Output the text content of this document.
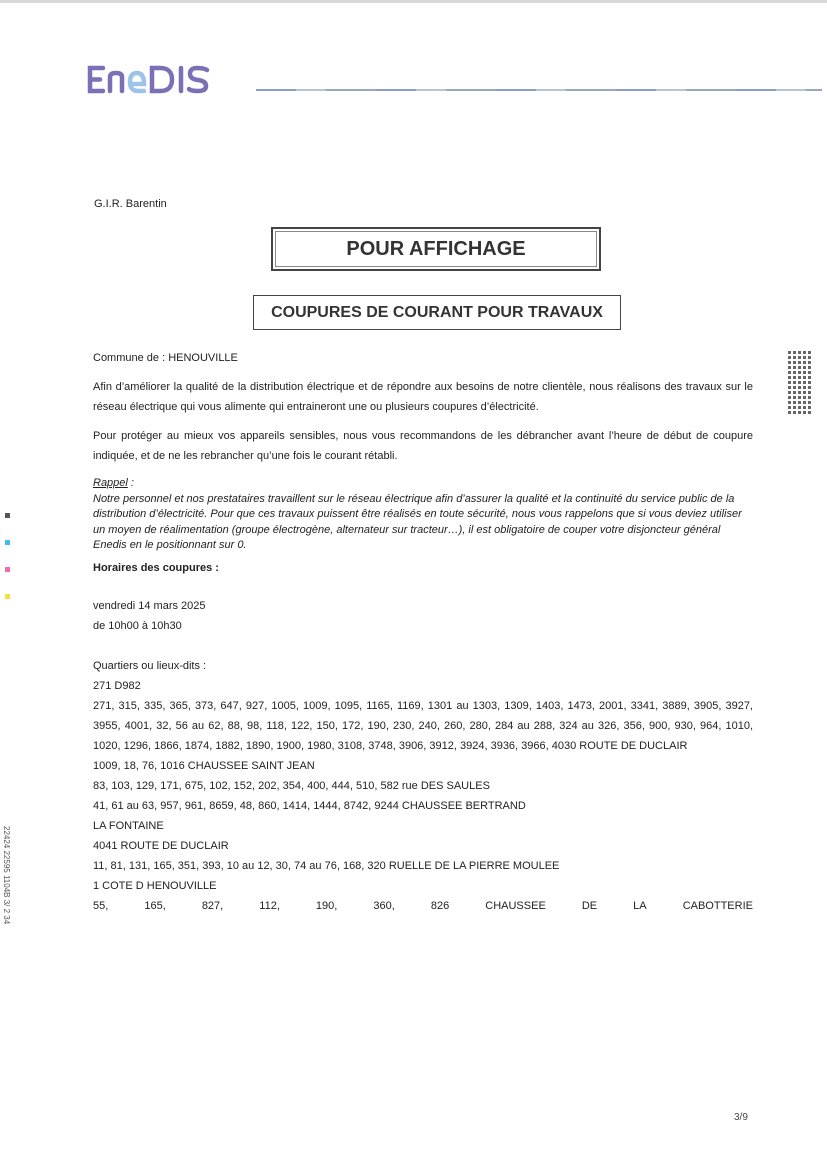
G.I.R. Barentin
POUR AFFICHAGE
COUPURES DE COURANT POUR TRAVAUX
Commune de : HENOUVILLE
Afin d’améliorer la qualité de la distribution électrique et de répondre aux besoins de notre clientèle, nous réalisons des travaux sur le réseau électrique qui vous alimente qui entraineront une ou plusieurs coupures d’électricité.
Pour protéger au mieux vos appareils sensibles, nous vous recommandons de les débrancher avant l’heure de début de coupure indiquée, et de ne les rebrancher qu’une fois le courant rétabli.
Rappel :
Notre personnel et nos prestataires travaillent sur le réseau électrique afin d’assurer la qualité et la continuité du service public de la distribution d’électricité. Pour que ces travaux puissent être réalisés en toute sécurité, nous vous rappelons que si vous deviez utiliser un moyen de réalimentation (groupe électrogène, alternateur sur tracteur…), il est obligatoire de couper votre disjoncteur général Enedis en le positionnant sur 0.
Horaires des coupures :
vendredi 14 mars 2025
de 10h00 à 10h30
Quartiers ou lieux-dits :
271 D982
271, 315, 335, 365, 373, 647, 927, 1005, 1009, 1095, 1165, 1169, 1301 au 1303, 1309, 1403, 1473, 2001, 3341, 3889, 3905, 3927, 3955, 4001, 32, 56 au 62, 88, 98, 118, 122, 150, 172, 190, 230, 240, 260, 280, 284 au 288, 324 au 326, 356, 900, 930, 964, 1010, 1020, 1296, 1866, 1874, 1882, 1890, 1900, 1980, 3108, 3748, 3906, 3912, 3924, 3936, 3966, 4030 ROUTE DE DUCLAIR
1009, 18, 76, 1016 CHAUSSEE SAINT JEAN
83, 103, 129, 171, 675, 102, 152, 202, 354, 400, 444, 510, 582 rue DES SAULES
41, 61 au 63, 957, 961, 8659, 48, 860, 1414, 1444, 8742, 9244 CHAUSSEE BERTRAND
LA FONTAINE
4041 ROUTE DE DUCLAIR
11, 81, 131, 165, 351, 393, 10 au 12, 30, 74 au 76, 168, 320 RUELLE DE LA PIERRE MOULEE
1 COTE D HENOUVILLE
55,	165,	827,	112,	190,	360,	826	CHAUSSEE	DE	LA	CABOTTERIE
22424 22595 1104B 3/ 2 34
3/9
